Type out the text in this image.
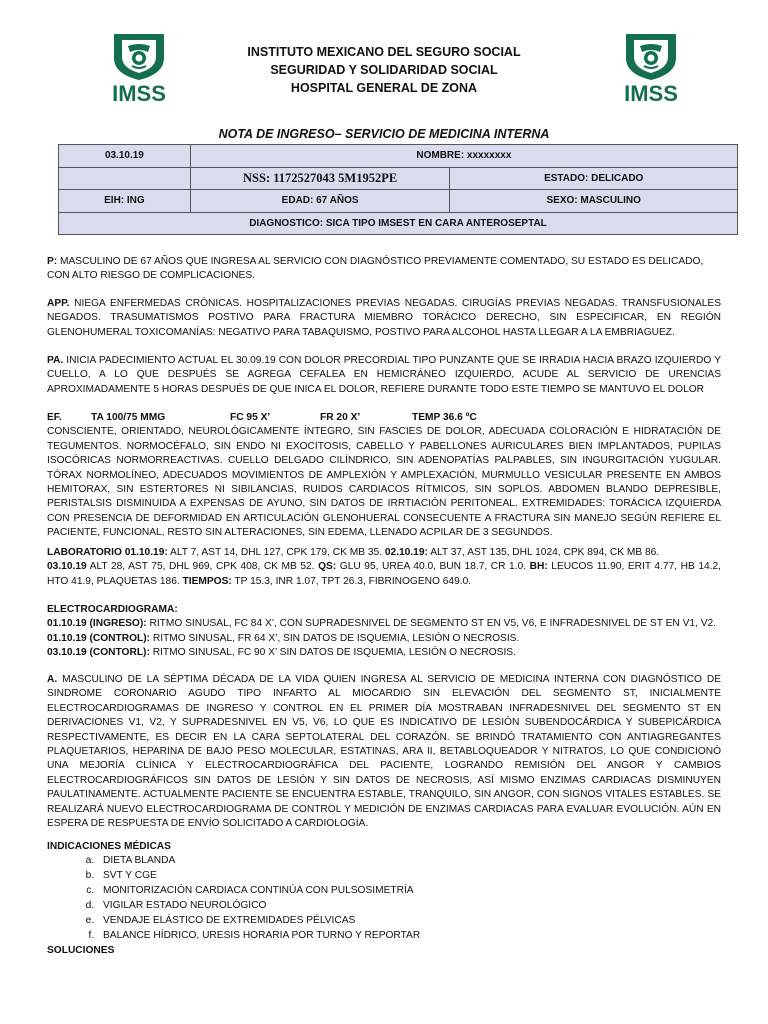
IMSS	IMSS
INSTITUTO MEXICANO DEL SEGURO SOCIAL
SEGURIDAD Y SOLIDARIDAD SOCIAL
HOSPITAL GENERAL DE ZONA
NOTA DE INGRESO– SERVICIO DE MEDICINA INTERNA
03.10.19	NOMBRE: xxxxxxxx	
	NSS: 1172527043 5M1952PE	ESTADO: DELICADO
EIH: ING	EDAD: 67 AÑOS	SEXO: MASCULINO
DIAGNOSTICO: SICA TIPO IMSEST EN CARA ANTEROSEPTAL		

P: MASCULINO DE 67 AÑOS QUE INGRESA AL SERVICIO CON DIAGNÓSTICO PREVIAMENTE COMENTADO, SU ESTADO ES DELICADO, CON ALTO RIESGO DE COMPLICACIONES.

APP. NIEGA ENFERMEDAS CRÓNICAS. HOSPITALIZACIONES PREVIAS NEGADAS. CIRUGÍAS PREVIAS NEGADAS. TRANSFUSIONALES NEGADOS. TRASUMATISMOS POSTIVO PARA FRACTURA MIEMBRO TORÁCICO DERECHO, SIN ESPECIFICAR, EN REGIÓN GLENOHUMERAL TOXICOMANÍAS: NEGATIVO PARA TABAQUISMO, POSTIVO PARA ALCOHOL HASTA LLEGAR A LA EMBRIAGUEZ.

PA. INICIA PADECIMIENTO ACTUAL EL 30.09.19 CON DOLOR PRECORDIAL TIPO PUNZANTE QUE SE IRRADIA HACIA BRAZO IZQUIERDO Y CUELLO, A LO QUE DESPUÉS SE AGREGA CEFALEA EN HEMICRÁNEO IZQUIERDO, ACUDE AL SERVICIO DE URENCIAS APROXIMADAMENTE 5 HORAS DESPUÉS DE QUE INICA EL DOLOR, REFIERE DURANTE TODO ESTE TIEMPO SE MANTUVO EL DOLOR

EF.	TA 100/75 MMG	FC 95 X’	FR 20 X’	TEMP 36.6 ºC

CONSCIENTE, ORIENTADO, NEUROLÓGICAMENTE ÍNTEGRO, SIN FASCIES DE DOLOR, ADECUADA COLORACIÓN E HIDRATACIÓN DE TEGUMENTOS. NORMOCÉFALO, SIN ENDO NI EXOCITOSIS, CABELLO Y PABELLONES AURICULARES BIEN IMPLANTADOS, PUPILAS ISOCÓRICAS NORMORREACTIVAS. CUELLO DELGADO CILÍNDRICO, SIN ADENOPATÍAS PALPABLES, SIN INGURGITACIÓN YUGULAR. TÓRAX NORMOLÍNEO, ADECUADOS MOVIMIENTOS DE AMPLEXIÓN Y AMPLEXACIÓN, MURMULLO VESICULAR PRESENTE EN AMBOS HEMITORAX, SIN ESTERTORES NI SIBILANCIAS, RUIDOS CARDIACOS RÍTMICOS, SIN SOPLOS. ABDOMEN BLANDO DEPRESIBLE, PERISTALSIS DISMINUIDA A EXPENSAS DE AYUNO, SIN DATOS DE IRRTIACIÓN PERITONEAL. EXTREMIDADES: TORÁCICA IZQUIERDA CON PRESENCIA DE DEFORMIDAD EN ARTICULACIÓN GLENOHUERAL CONSECUENTE A FRACTURA SIN MANEJO SEGÚN REFIERE EL PACIENTE, FUNCIONAL, RESTO SIN ALTERACIONES, SIN EDEMA, LLENADO ACPILAR DE 3 SEGUNDOS.

LABORATORIO 01.10.19: ALT 7, AST 14, DHL 127, CPK 179, CK MB 35. 02.10.19: ALT 37, AST 135, DHL 1024, CPK 894, CK MB 86.
03.10.19 ALT 28, AST 75, DHL 969, CPK 408, CK MB 52. QS: GLU 95, UREA 40.0, BUN 18.7, CR 1.0. BH: LEUCOS 11.90, ERIT 4.77, HB 14.2, HTO 41.9, PLAQUETAS 186. TIEMPOS: TP 15.3, INR 1.07, TPT 26.3, FIBRINOGENO 649.0.

ELECTROCARDIOGRAMA:
01.10.19 (INGRESO): RITMO SINUSAL, FC 84 X’, CON SUPRADESNIVEL DE SEGMENTO ST EN V5, V6, E INFRADESNIVEL DE ST EN V1, V2.
01.10.19 (CONTROL): RITMO SINUSAL, FR 64 X’, SIN DATOS DE ISQUEMIA, LESIÓN O NECROSIS.
03.10.19 (CONTORL): RITMO SINUSAL, FC 90 X’ SIN DATOS DE ISQUEMIA, LESIÓN O NECROSIS.

A. MASCULINO DE LA SÉPTIMA DÉCADA DE LA VIDA QUIEN INGRESA AL SERVICIO DE MEDICINA INTERNA CON DIAGNÓSTICO DE SINDROME CORONARIO AGUDO TIPO INFARTO AL MIOCARDIO SIN ELEVACIÓN DEL SEGMENTO ST, INICIALMENTE ELECTROCARDIOGRAMAS DE INGRESO Y CONTROL EN EL PRIMER DÍA MOSTRABAN INFRADESNIVEL DEL SEGMENTO ST EN DERIVACIONES V1, V2, Y SUPRADESNIVEL EN V5, V6, LO QUE ES INDICATIVO DE LESIÓN SUBENDOCÁRDICA Y SUBEPICÁRDICA RESPECTIVAMENTE, ES DECIR EN LA CARA SEPTOLATERAL DEL CORAZÓN. SE BRINDÓ TRATAMIENTO CON ANTIAGREGANTES PLAQUETARIOS, HEPARINA DE BAJO PESO MOLECULAR, ESTATINAS, ARA II, BETABLOQUEADOR Y NITRATOS, LO QUE CONDICIONÓ UNA MEJORÍA CLÍNICA Y ELECTROCARDIOGRÁFICA DEL PACIENTE, LOGRANDO REMISIÓN DEL ANGOR Y CAMBIOS ELECTROCARDIOGRÁFICOS SIN DATOS DE LESIÓN Y SIN DATOS DE NECROSIS, ASÍ MISMO ENZIMAS CARDIACAS DISMINUYEN PAULATINAMENTE. ACTUALMENTE PACIENTE SE ENCUENTRA ESTABLE, TRANQUILO, SIN ANGOR, CON SIGNOS VITALES ESTABLES. SE REALIZARÁ NUEVO ELECTROCARDIOGRAMA DE CONTROL Y MEDICIÓN DE ENZIMAS CARDIACAS PARA EVALUAR EVOLUCIÓN. AÚN EN ESPERA DE RESPUESTA DE ENVÍO SOLICITADO A CARDIOLOGÍA.

INDICACIONES MÉDICAS
a. DIETA BLANDA
b. SVT Y CGE
c. MONITORIZACIÓN CARDIACA CONTINÚA CON PULSOSIMETRÍA
d. VIGILAR ESTADO NEUROLÓGICO
e. VENDAJE ELÁSTICO DE EXTREMIDADES PÉLVICAS
f. BALANCE HÍDRICO, URESIS HORARIA POR TURNO Y REPORTAR
SOLUCIONES
